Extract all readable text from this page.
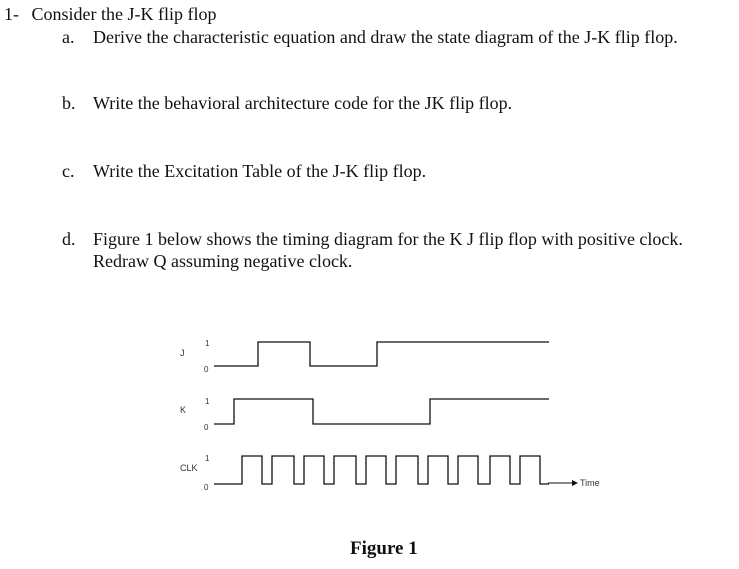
1- Consider the J-K flip flop
a. Derive the characteristic equation and draw the state diagram of the J-K flip flop.
b. Write the behavioral architecture code for the JK flip flop.
c. Write the Excitation Table of the J-K flip flop.
d. Figure 1 below shows the timing diagram for the K J flip flop with positive clock.
Redraw Q assuming negative clock.
J
1
0
K
1
0
CLK
1
0	Time
Figure 1
